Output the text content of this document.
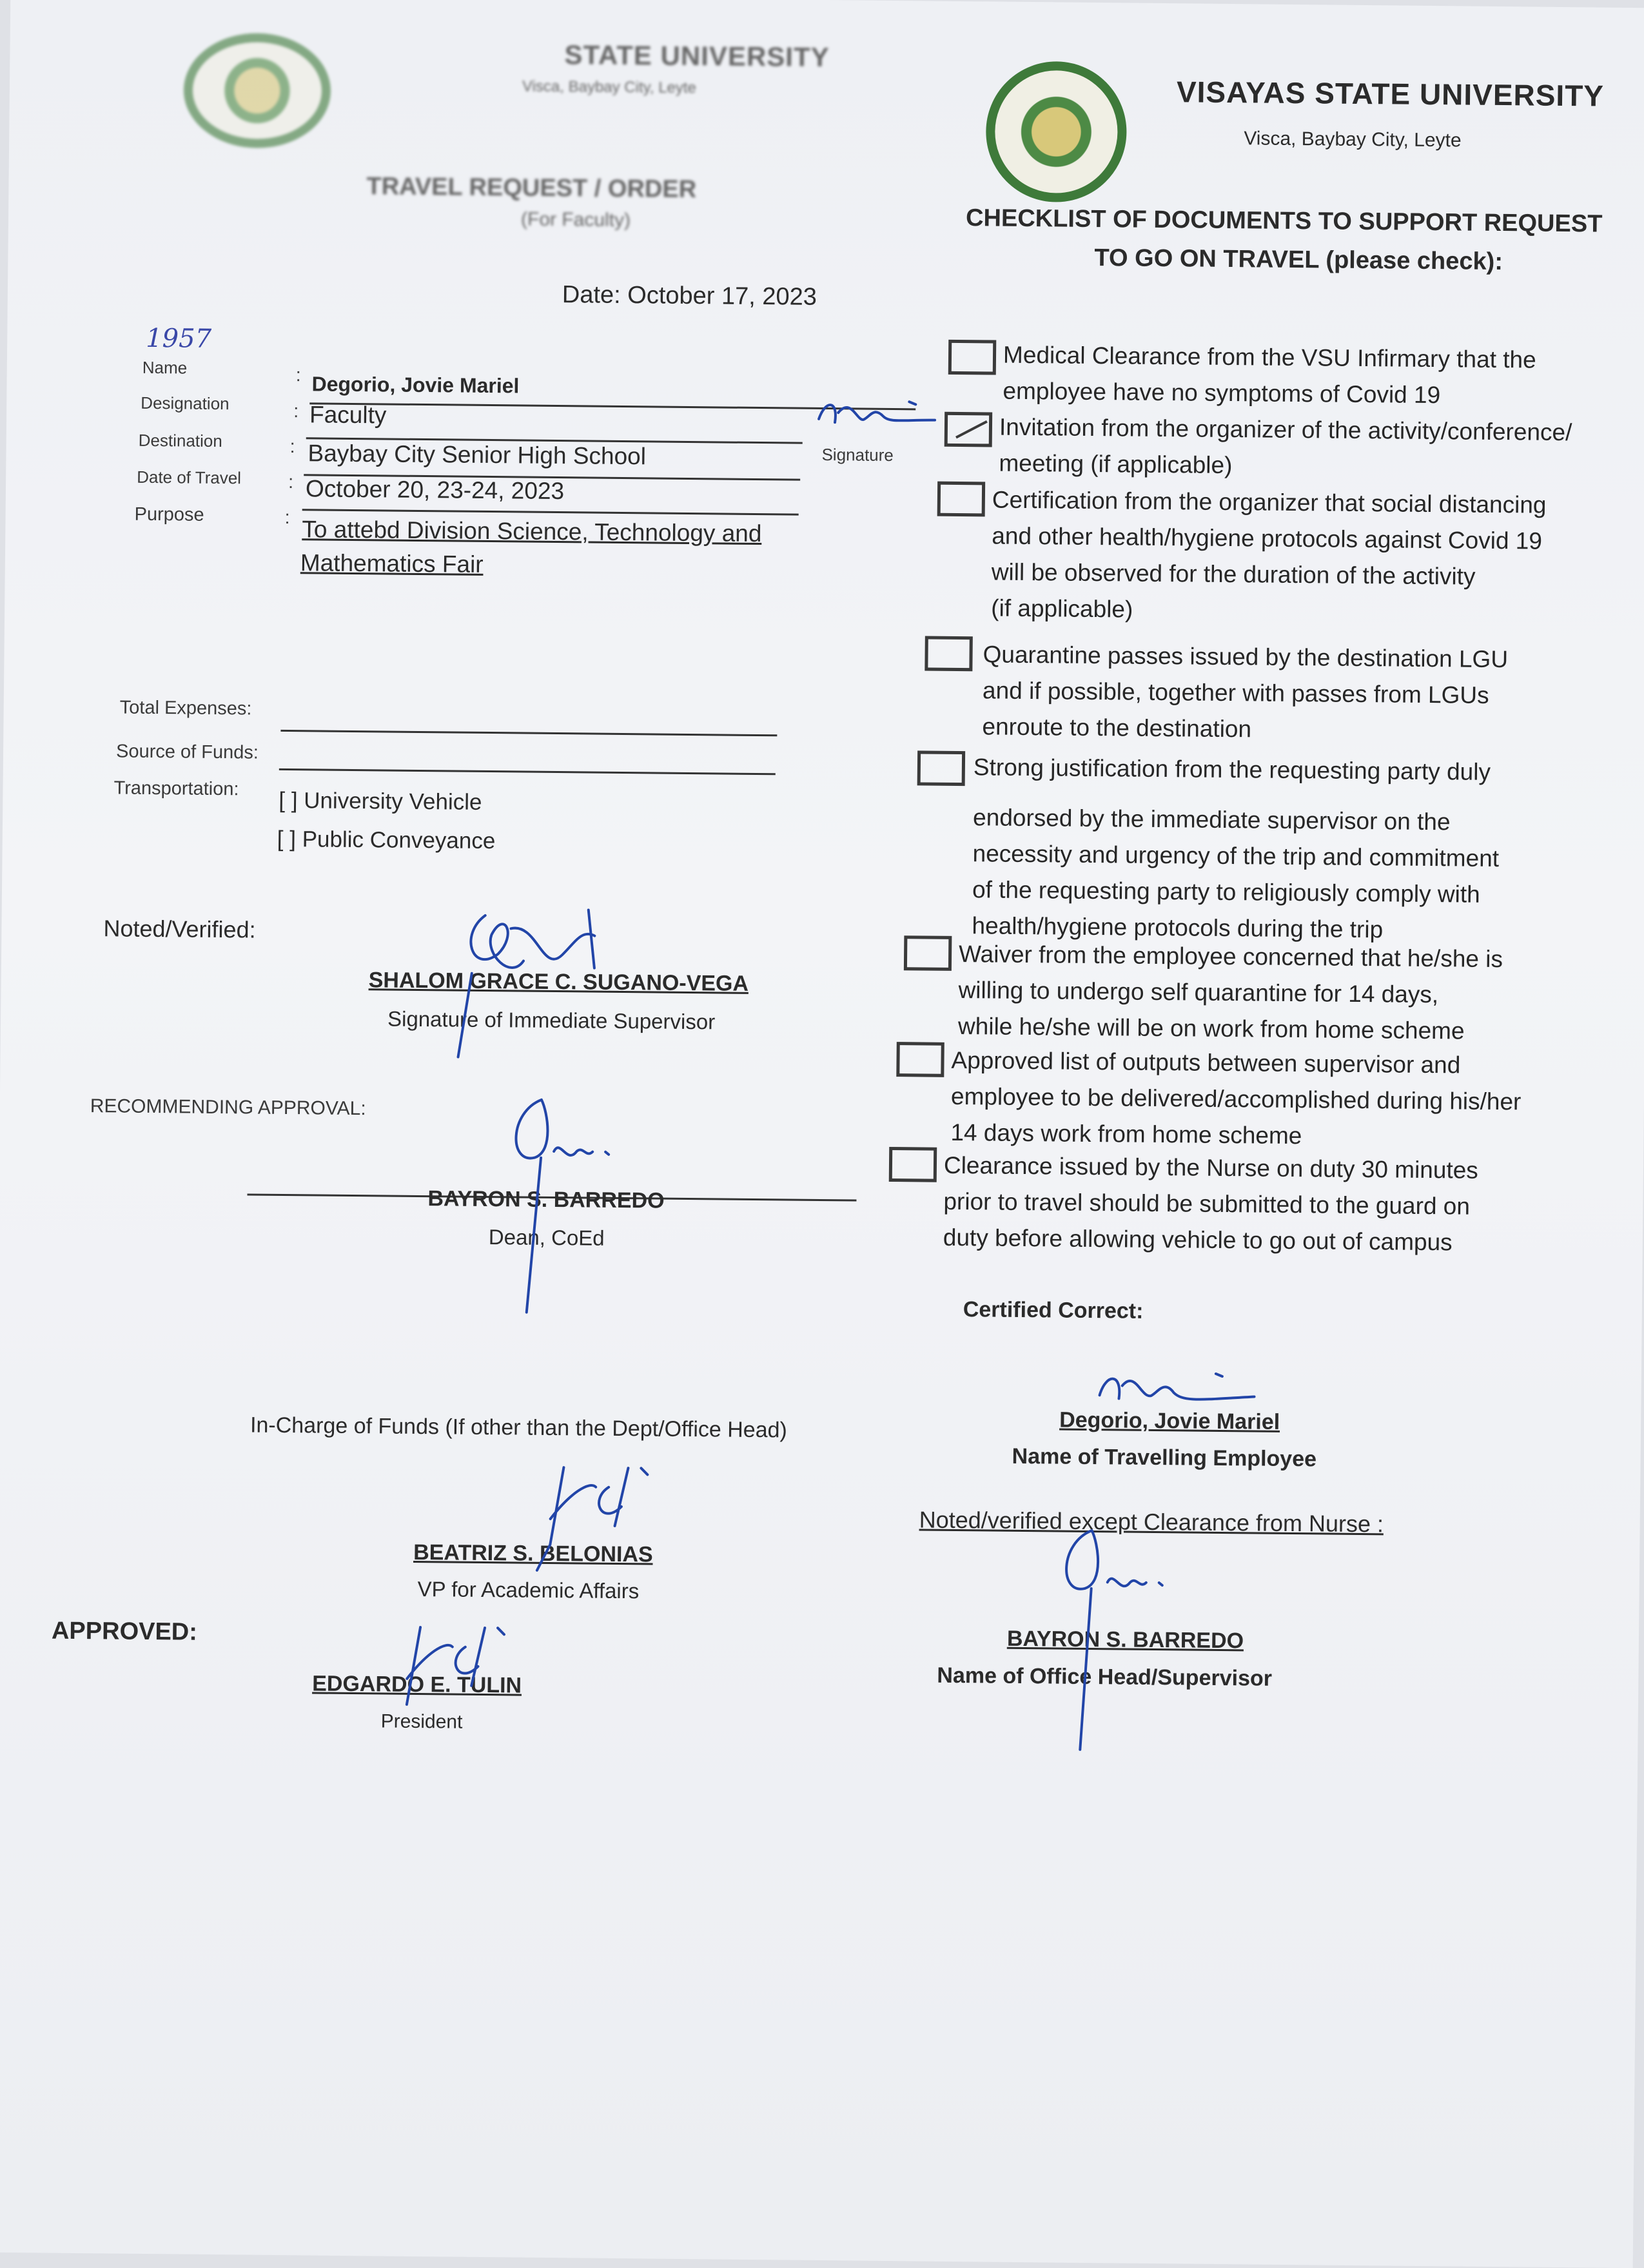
STATE UNIVERSITY
Visca, Baybay City, Leyte
TRAVEL REQUEST / ORDER
(For Faculty)
VISAYAS STATE UNIVERSITY
Visca, Baybay City, Leyte
Date: October 17, 2023
1957
Name	: Degorio, Jovie Mariel
Designation	: Faculty
Signature
Destination	: Baybay City Senior High School
Date of Travel	: October 20, 23-24, 2023
Purpose	: To attebd Division Science, Technology and
Mathematics Fair
Total Expenses:
Source of Funds:
Transportation: [ ] University Vehicle
[ ] Public Conveyance
Noted/Verified:
SHALOM GRACE C. SUGANO-VEGA
Signature of Immediate Supervisor
RECOMMENDING APPROVAL:
BAYRON S. BARREDO
Dean, CoEd
In-Charge of Funds (If other than the Dept/Office Head)
BEATRIZ S. BELONIAS
VP for Academic Affairs
APPROVED:
EDGARDO E. TULIN
President
CHECKLIST OF DOCUMENTS TO SUPPORT REQUEST
TO GO ON TRAVEL (please check):
Medical Clearance from the VSU Infirmary that the
employee have no symptoms of Covid 19
Invitation from the organizer of the activity/conference/
meeting (if applicable)
Certification from the organizer that social distancing
and other health/hygiene protocols against Covid 19
will be observed for the duration of the activity
(if applicable)
Quarantine passes issued by the destination LGU
and if possible, together with passes from LGUs
enroute to the destination
Strong justification from the requesting party duly
endorsed by the immediate supervisor on the
necessity and urgency of the trip and commitment
of the requesting party to religiously comply with
health/hygiene protocols during the trip
Waiver from the employee concerned that he/she is
willing to undergo self quarantine for 14 days,
while he/she will be on work from home scheme
Approved list of outputs between supervisor and
employee to be delivered/accomplished during his/her
14 days work from home scheme
Clearance issued by the Nurse on duty 30 minutes
prior to travel should be submitted to the guard on
duty before allowing vehicle to go out of campus
Certified Correct:
Degorio, Jovie Mariel
Name of Travelling Employee
Noted/verified except Clearance from Nurse :
BAYRON S. BARREDO
Name of Office Head/Supervisor
